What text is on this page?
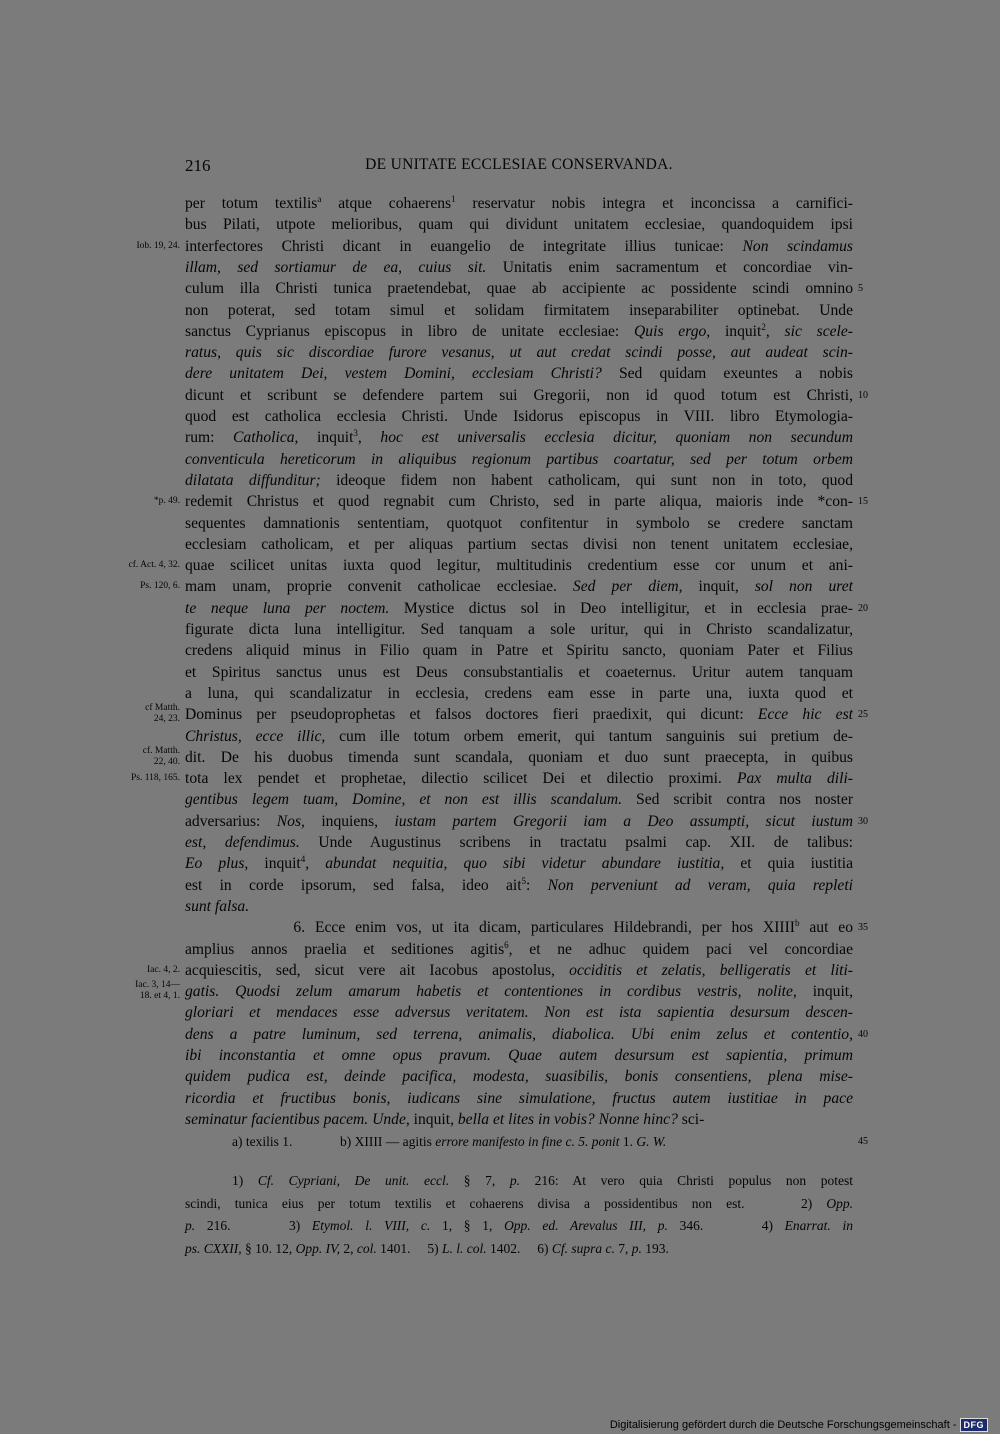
216	DE UNITATE ECCLESIAE CONSERVANDA.
per totum textilis$^a$ atque cohaerens$^1$ reservatur nobis integra et inconcissa a carnifici-
bus Pilati, utpote melioribus, quam qui dividunt unitatem ecclesiae, quandoquidem ipsi
interfectores Christi dicant in euangelio de integritate illius tunicae: Non scindamus
illam, sed sortiamur de ea, cuius sit. Unitatis enim sacramentum et concordiae vin-
culum illa Christi tunica praetendebat, quae ab accipiente ac possidente scindi omnino
non poterat, sed totam simul et solidam firmitatem inseparabiliter optinebat. Unde
sanctus Cyprianus episcopus in libro de unitate ecclesiae: Quis ergo, inquit$^2$, sic scele-
ratus, quis sic discordiae furore vesanus, ut aut credat scindi posse, aut audeat scin-
dere unitatem Dei, vestem Domini, ecclesiam Christi? Sed quidam exeuntes a nobis
dicunt et scribunt se defendere partem sui Gregorii, non id quod totum est Christi,
quod est catholica ecclesia Christi. Unde Isidorus episcopus in VIII. libro Etymologia-
rum: Catholica, inquit$^3$, hoc est universalis ecclesia dicitur, quoniam non secundum
conventicula hereticorum in aliquibus regionum partibus coartatur, sed per totum orbem
dilatata diffunditur; ideoque fidem non habent catholicam, qui sunt non in toto, quod
redemit Christus et quod regnabit cum Christo, sed in parte aliqua, maioris inde *con-
sequentes damnationis sententiam, quotquot confitentur in symbolo se credere sanctam
ecclesiam catholicam, et per aliquas partium sectas divisi non tenent unitatem ecclesiae,
quae scilicet unitas iuxta quod legitur, multitudinis credentium esse cor unum et ani-
mam unam, proprie convenit catholicae ecclesiae. Sed per diem, inquit, sol non uret
te neque luna per noctem. Mystice dictus sol in Deo intelligitur, et in ecclesia prae-
figurate dicta luna intelligitur. Sed tanquam a sole uritur, qui in Christo scandalizatur,
credens aliquid minus in Filio quam in Patre et Spiritu sancto, quoniam Pater et Filius
et Spiritus sanctus unus est Deus consubstantialis et coaeternus. Uritur autem tanquam
a luna, qui scandalizatur in ecclesia, credens eam esse in parte una, iuxta quod et
Dominus per pseudoprophetas et falsos doctores fieri praedixit, qui dicunt: Ecce hic est
Christus, ecce illic, cum ille totum orbem emerit, qui tantum sanguinis sui pretium de-
dit. De his duobus timenda sunt scandala, quoniam et duo sunt praecepta, in quibus
tota lex pendet et prophetae, dilectio scilicet Dei et dilectio proximi. Pax multa dili-
gentibus legem tuam, Domine, et non est illis scandalum. Sed scribit contra nos noster
adversarius: Nos, inquiens, iustam partem Gregorii iam a Deo assumpti, sicut iustum
est, defendimus. Unde Augustinus scribens in tractatu psalmi cap. XII. de talibus:
Eo plus, inquit$^4$, abundat nequitia, quo sibi videtur abundare iustitia, et quia iustitia
est in corde ipsorum, sed falsa, ideo ait$^5$: Non perveniunt ad veram, quia repleti
sunt falsa.
6. Ecce enim vos, ut ita dicam, particulares Hildebrandi, per hos XIIII$^b$ aut eo
amplius annos praelia et seditiones agitis$^6$, et ne adhuc quidem paci vel concordiae
acquiescitis, sed, sicut vere ait Iacobus apostolus, occiditis et zelatis, belligeratis et liti-
gatis. Quodsi zelum amarum habetis et contentiones in cordibus vestris, nolite, inquit,
gloriari et mendaces esse adversus veritatem. Non est ista sapientia desursum descen-
dens a patre luminum, sed terrena, animalis, diabolica. Ubi enim zelus et contentio,
ibi inconstantia et omne opus pravum. Quae autem desursum est sapientia, primum
quidem pudica est, deinde pacifica, modesta, suasibilis, bonis consentiens, plena mise-
ricordia et fructibus bonis, iudicans sine simulatione, fructus autem iustitiae in pace
seminatur facientibus pacem. Unde, inquit, bella et lites in vobis? Nonne hinc? sci-
Iob. 19, 24.
*p. 49.
cf. Act. 4, 32.
Ps. 120, 6.
cf Matth.
24, 23.
cf. Matth.
22, 40.
Ps. 118, 165.
Iac. 4, 2.
Iac. 3, 14—
18. et 4, 1.
5
10
15
20
25
30
35
40
a) texilis 1.	b) XIIII — agitis errore manifesto in fine c. 5. ponit 1. G. W.	45
1) Cf. Cypriani, De unit. eccl. § 7, p. 216: At vero quia Christi populus non potest
scindi, tunica eius per totum textilis et cohaerens divisa a possidentibus non est.    2) Opp.
p. 216.     3) Etymol. l. VIII, c. 1, § 1, Opp. ed. Arevalus III, p. 346.     4) Enarrat. in
ps. CXXII, § 10. 12, Opp. IV, 2, col. 1401.     5) L. l. col. 1402.     6) Cf. supra c. 7, p. 193.
Digitalisierung gefördert durch die Deutsche Forschungsgemeinschaft - DFG
